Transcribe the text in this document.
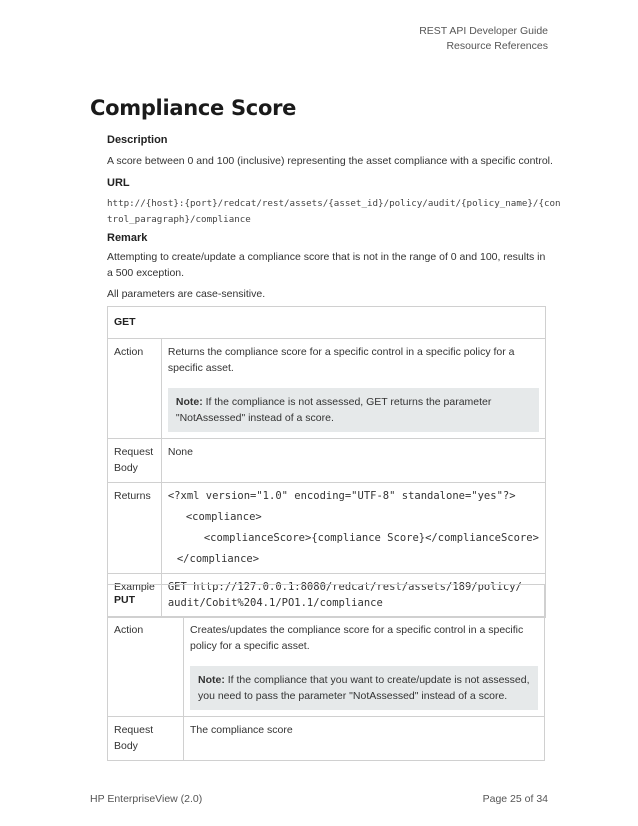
REST API Developer Guide
Resource References
Compliance Score
Description
A score between 0 and 100 (inclusive) representing the asset compliance with a specific control.
URL
http://{host}:{port}/redcat/rest/assets/{asset_id}/policy/audit/{policy_name}/{control_paragraph}/compliance
Remark
Attempting to create/update a compliance score that is not in the range of 0 and 100, results in a 500 exception.
All parameters are case-sensitive.
GET	
Action	Returns the compliance score for a specific control in a specific policy for a specific asset.
Note: If the compliance is not assessed, GET returns the parameter "NotAssessed" instead of a score.

Request Body	None
Returns	<?xml version="1.0" encoding="UTF-8" standalone="yes"?>
<compliance>
<complianceScore>{compliance Score}</complianceScore>
</compliance>

Example	GET http://127.0.0.1:8080/redcat/rest/assets/189/policy/
audit/Cobit%204.1/PO1.1/compliance
PUT	
Action	Creates/updates the compliance score for a specific control in a specific policy for a specific asset.
Note: If the compliance that you want to create/update is not assessed, you need to pass the parameter "NotAssessed" instead of a score.

Request Body	The compliance score
HP EnterpriseView (2.0)	Page 25 of 34
